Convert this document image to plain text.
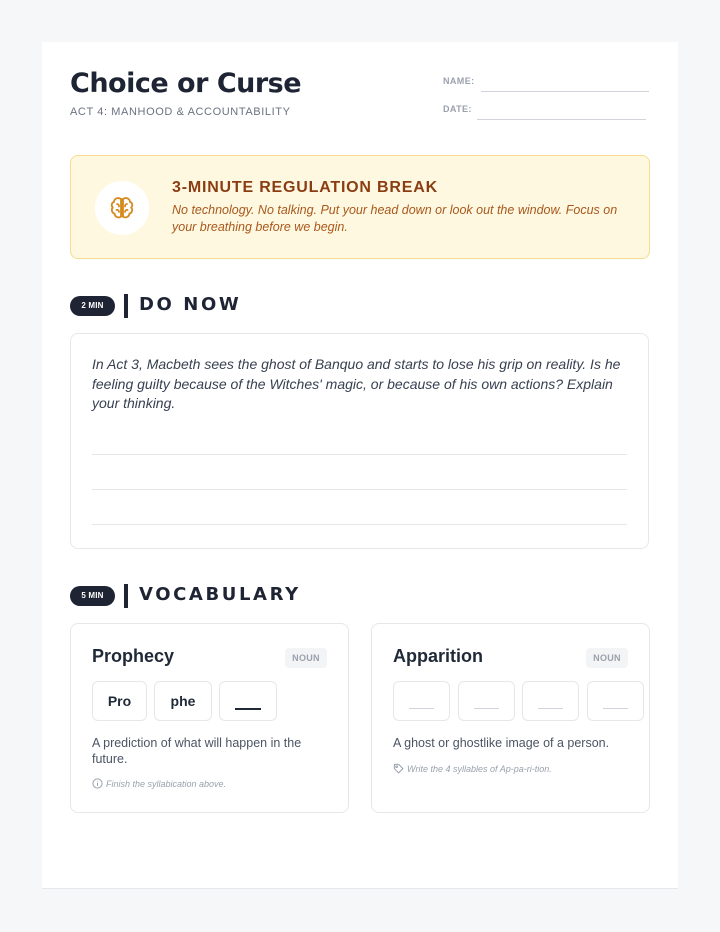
Choice or Curse
ACT 4: MANHOOD & ACCOUNTABILITY
NAME:
DATE:
3-MINUTE REGULATION BREAK
No technology. No talking. Put your head down or look out the window. Focus on your breathing before we begin.
2 MIN	DO NOW
In Act 3, Macbeth sees the ghost of Banquo and starts to lose his grip on reality. Is he feeling guilty because of the Witches' magic, or because of his own actions? Explain your thinking.
5 MIN	VOCABULARY
Prophecy	NOUN
Pro	phe
A prediction of what will happen in the future.
Finish the syllabication above.
Apparition	NOUN
A ghost or ghostlike image of a person.
Write the 4 syllables of Ap-pa-ri-tion.
